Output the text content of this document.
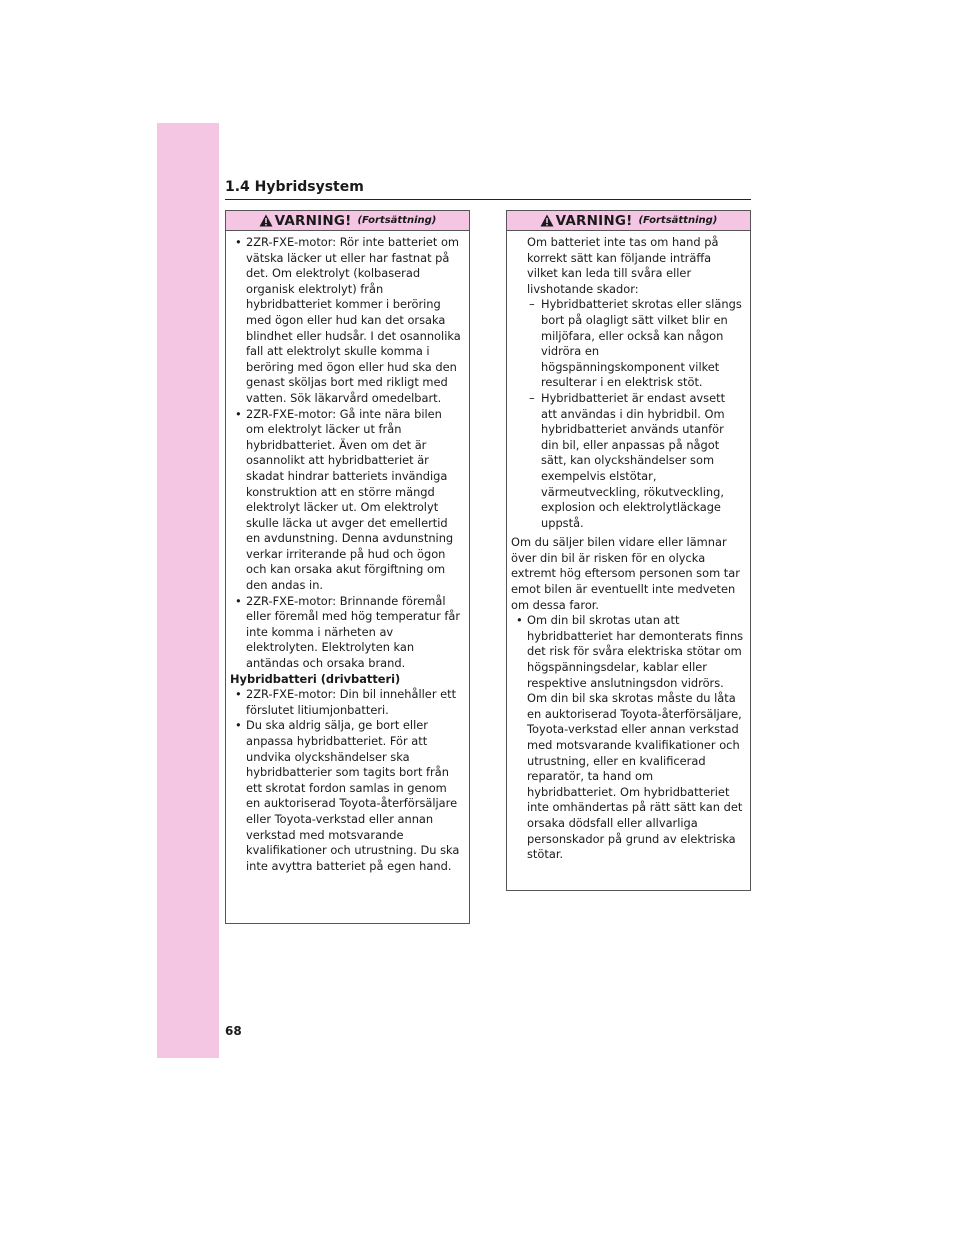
1.4 Hybridsystem
VARNING! (Fortsättning)

• 2ZR-FXE-motor: Rör inte batteriet om vätska läcker ut eller har fastnat på det. Om elektrolyt (kolbaserad organisk elektrolyt) från hybridbatteriet kommer i beröring med ögon eller hud kan det orsaka blindhet eller hudsår. I det osannolika fall att elektrolyt skulle komma i beröring med ögon eller hud ska den genast sköljas bort med rikligt med vatten. Sök läkarvård omedelbart.

• 2ZR-FXE-motor: Gå inte nära bilen om elektrolyt läcker ut från hybridbatteriet. Även om det är osannolikt att hybridbatteriet är skadat hindrar batteriets invändiga konstruktion att en större mängd elektrolyt läcker ut. Om elektrolyt skulle läcka ut avger det emellertid en avdunstning. Denna avdunstning verkar irriterande på hud och ögon och kan orsaka akut förgiftning om den andas in.

• 2ZR-FXE-motor: Brinnande föremål eller föremål med hög temperatur får inte komma i närheten av elektrolyten. Elektrolyten kan antändas och orsaka brand.

Hybridbatteri (drivbatteri)

• 2ZR-FXE-motor: Din bil innehåller ett förslutet litiumjonbatteri.

• Du ska aldrig sälja, ge bort eller anpassa hybridbatteriet. För att undvika olyckshändelser ska hybridbatterier som tagits bort från ett skrotat fordon samlas in genom en auktoriserad Toyota-återförsäljare eller Toyota-verkstad eller annan verkstad med motsvarande kvalifikationer och utrustning. Du ska inte avyttra batteriet på egen hand.

VARNING! (Fortsättning)

Om batteriet inte tas om hand på korrekt sätt kan följande inträffa vilket kan leda till svåra eller livshotande skador:

– Hybridbatteriet skrotas eller slängs bort på olagligt sätt vilket blir en miljöfara, eller också kan någon vidröra en högspänningskomponent vilket resulterar i en elektrisk stöt.

– Hybridbatteriet är endast avsett att användas i din hybridbil. Om hybridbatteriet används utanför din bil, eller anpassas på något sätt, kan olyckshändelser som exempelvis elstötar, värmeutveckling, rökutveckling, explosion och elektrolytläckage uppstå.

Om du säljer bilen vidare eller lämnar över din bil är risken för en olycka extremt hög eftersom personen som tar emot bilen är eventuellt inte medveten om dessa faror.

• Om din bil skrotas utan att hybridbatteriet har demonterats finns det risk för svåra elektriska stötar om högspänningsdelar, kablar eller respektive anslutningsdon vidrörs. Om din bil ska skrotas måste du låta en auktoriserad Toyota-återförsäljare, Toyota-verkstad eller annan verkstad med motsvarande kvalifikationer och utrustning, eller en kvalificerad reparatör, ta hand om hybridbatteriet. Om hybridbatteriet inte omhändertas på rätt sätt kan det orsaka dödsfall eller allvarliga personskador på grund av elektriska stötar.

68
